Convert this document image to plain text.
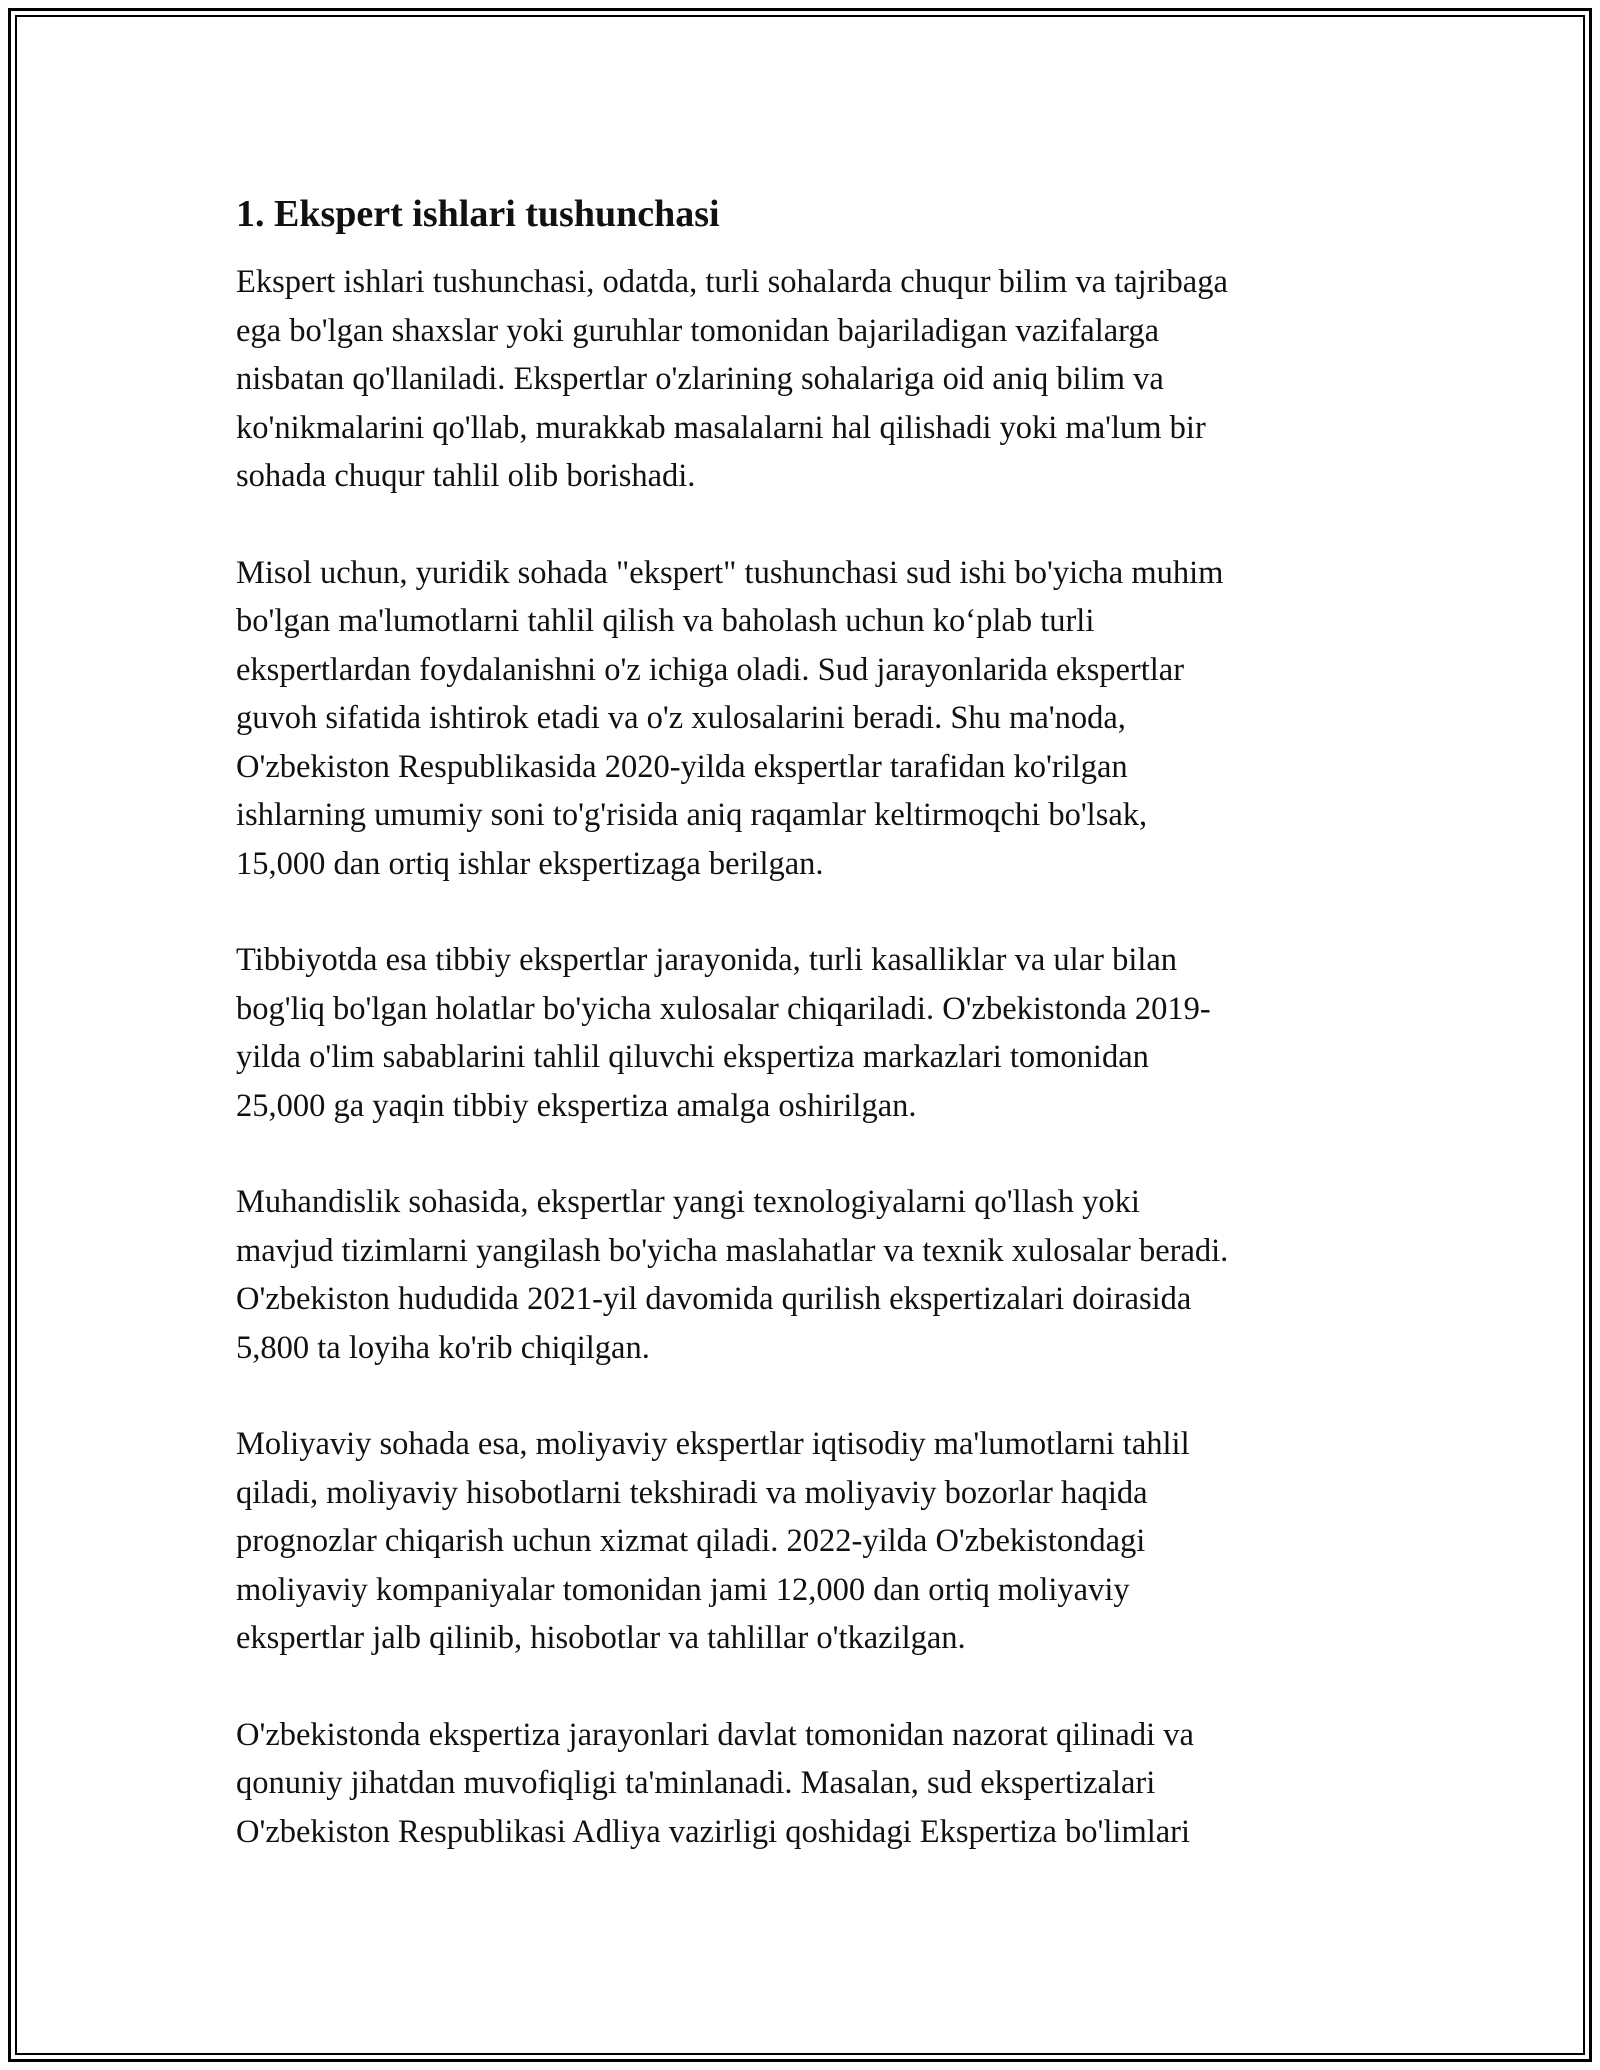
1. Ekspert ishlari tushunchasi
Ekspert ishlari tushunchasi, odatda, turli sohalarda chuqur bilim va tajribaga
ega bo'lgan shaxslar yoki guruhlar tomonidan bajariladigan vazifalarga
nisbatan qo'llaniladi. Ekspertlar o'zlarining sohalariga oid aniq bilim va
ko'nikmalarini qo'llab, murakkab masalalarni hal qilishadi yoki ma'lum bir
sohada chuqur tahlil olib borishadi.
Misol uchun, yuridik sohada "ekspert" tushunchasi sud ishi bo'yicha muhim
bo'lgan ma'lumotlarni tahlil qilish va baholash uchun koʻplab turli
ekspertlardan foydalanishni o'z ichiga oladi. Sud jarayonlarida ekspertlar
guvoh sifatida ishtirok etadi va o'z xulosalarini beradi. Shu ma'noda,
O'zbekiston Respublikasida 2020-yilda ekspertlar tarafidan ko'rilgan
ishlarning umumiy soni to'g'risida aniq raqamlar keltirmoqchi bo'lsak,
15,000 dan ortiq ishlar ekspertizaga berilgan.
Tibbiyotda esa tibbiy ekspertlar jarayonida, turli kasalliklar va ular bilan
bog'liq bo'lgan holatlar bo'yicha xulosalar chiqariladi. O'zbekistonda 2019-
yilda o'lim sabablarini tahlil qiluvchi ekspertiza markazlari tomonidan
25,000 ga yaqin tibbiy ekspertiza amalga oshirilgan.
Muhandislik sohasida, ekspertlar yangi texnologiyalarni qo'llash yoki
mavjud tizimlarni yangilash bo'yicha maslahatlar va texnik xulosalar beradi.
O'zbekiston hududida 2021-yil davomida qurilish ekspertizalari doirasida
5,800 ta loyiha ko'rib chiqilgan.
Moliyaviy sohada esa, moliyaviy ekspertlar iqtisodiy ma'lumotlarni tahlil
qiladi, moliyaviy hisobotlarni tekshiradi va moliyaviy bozorlar haqida
prognozlar chiqarish uchun xizmat qiladi. 2022-yilda O'zbekistondagi
moliyaviy kompaniyalar tomonidan jami 12,000 dan ortiq moliyaviy
ekspertlar jalb qilinib, hisobotlar va tahlillar o'tkazilgan.
O'zbekistonda ekspertiza jarayonlari davlat tomonidan nazorat qilinadi va
qonuniy jihatdan muvofiqligi ta'minlanadi. Masalan, sud ekspertizalari
O'zbekiston Respublikasi Adliya vazirligi qoshidagi Ekspertiza bo'limlari
